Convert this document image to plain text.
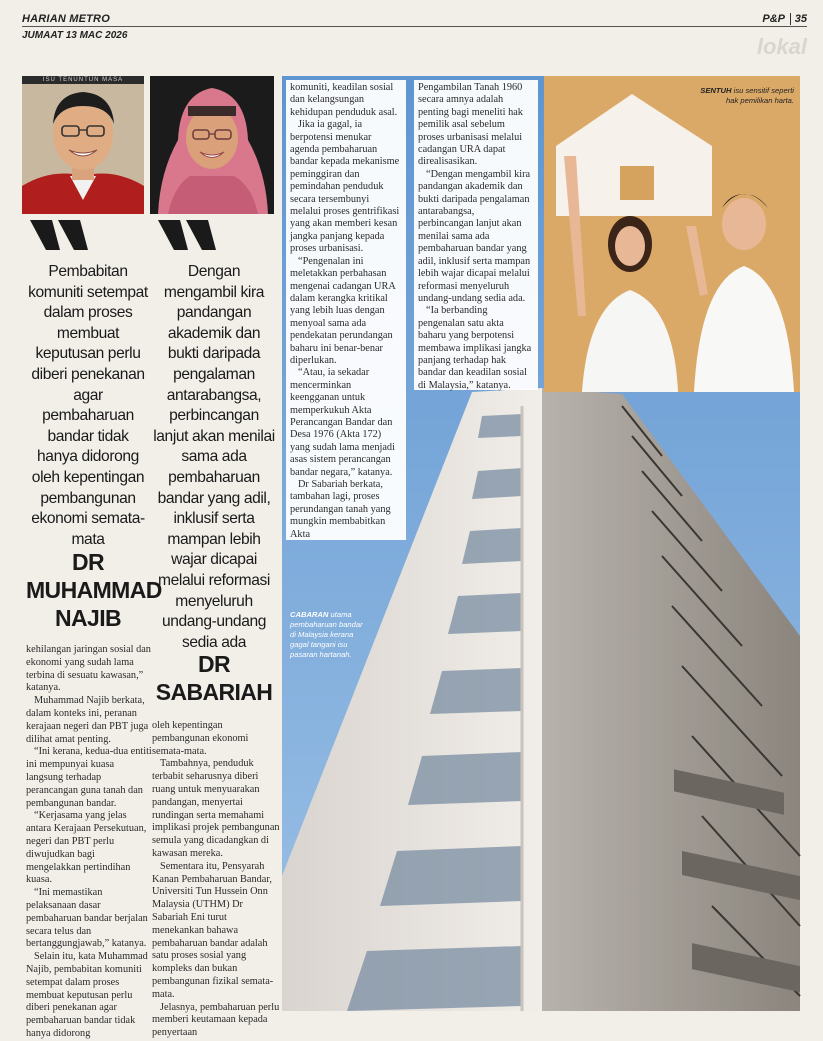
HARIAN METRO
JUMAAT 13 MAC 2026
P&P 35
lokal
ISU TENUNTUN MASA
Pembabitan komuniti setempat dalam proses membuat keputusan perlu diberi penekanan agar pembaharuan bandar tidak hanya didorong oleh kepentingan pembangunan ekonomi semata-mata
DR MUHAMMAD NAJIB
Dengan mengambil kira pandangan akademik dan bukti daripada pengalaman antarabangsa, perbincangan lanjut akan menilai sama ada pembaharuan bandar yang adil, inklusif serta mampan lebih wajar dicapai melalui reformasi menyeluruh undang-undang sedia ada
DR SABARIAH

kehilangan jaringan sosial dan ekonomi yang sudah lama terbina di sesuatu kawasan,” katanya.

Muhammad Najib berkata, dalam konteks ini, peranan kerajaan negeri dan PBT juga dilihat amat penting.

“Ini kerana, kedua-dua entiti ini mempunyai kuasa langsung terhadap perancangan guna tanah dan pembangunan bandar.

“Kerjasama yang jelas antara Kerajaan Persekutuan, negeri dan PBT perlu diwujudkan bagi mengelakkan pertindihan kuasa.

“Ini memastikan pelaksanaan dasar pembaharuan bandar berjalan secara telus dan bertanggungjawab,” katanya.

Selain itu, kata Muhammad Najib, pembabitan komuniti setempat dalam proses membuat keputusan perlu diberi penekanan agar pembaharuan bandar tidak hanya didorong

oleh kepentingan pembangunan ekonomi semata-mata.

Tambahnya, penduduk terbabit seharusnya diberi ruang untuk menyuarakan pandangan, menyertai rundingan serta memahami implikasi projek pembangunan semula yang dicadangkan di kawasan mereka.

Sementara itu, Pensyarah Kanan Pembaharuan Bandar, Universiti Tun Hussein Onn Malaysia (UTHM) Dr Sabariah Eni turut menekankan bahawa pembaharuan bandar adalah satu proses sosial yang kompleks dan bukan pembangunan fizikal semata-mata.

Jelasnya, pembaharuan perlu memberi keutamaan kepada penyertaan

komuniti, keadilan sosial dan kelangsungan kehidupan penduduk asal.

Jika ia gagal, ia berpotensi menukar agenda pembaharuan bandar kepada mekanisme peminggiran dan pemindahan penduduk secara tersembunyi melalui proses gentrifikasi yang akan memberi kesan jangka panjang kepada proses urbanisasi.

“Pengenalan ini meletakkan perbahasan mengenai cadangan URA dalam kerangka kritikal yang lebih luas dengan menyoal sama ada pendekatan perundangan baharu ini benar-benar diperlukan.

“Atau, ia sekadar mencerminkan keengganan untuk memperkukuh Akta Perancangan Bandar dan Desa 1976 (Akta 172) yang sudah lama menjadi asas sistem perancangan bandar negara,” katanya.

Dr Sabariah berkata, tambahan lagi, proses perundangan tanah yang mungkin membabitkan Akta

Pengambilan Tanah 1960 secara amnya adalah penting bagi meneliti hak pemilik asal sebelum proses urbanisasi melalui cadangan URA dapat direalisasikan.

“Dengan mengambil kira pandangan akademik dan bukti daripada pengalaman antarabangsa, perbincangan lanjut akan menilai sama ada pembaharuan bandar yang adil, inklusif serta mampan lebih wajar dicapai melalui reformasi menyeluruh undang-undang sedia ada.

“Ia berbanding pengenalan satu akta baharu yang berpotensi membawa implikasi jangka panjang terhadap hak bandar dan keadilan sosial di Malaysia,” katanya.

CABARAN utama pembaharuan bandar di Malaysia kerana gagal tangani isu pasaran hartanah.
SENTUH isu sensitif seperti hak pemilikan harta.
